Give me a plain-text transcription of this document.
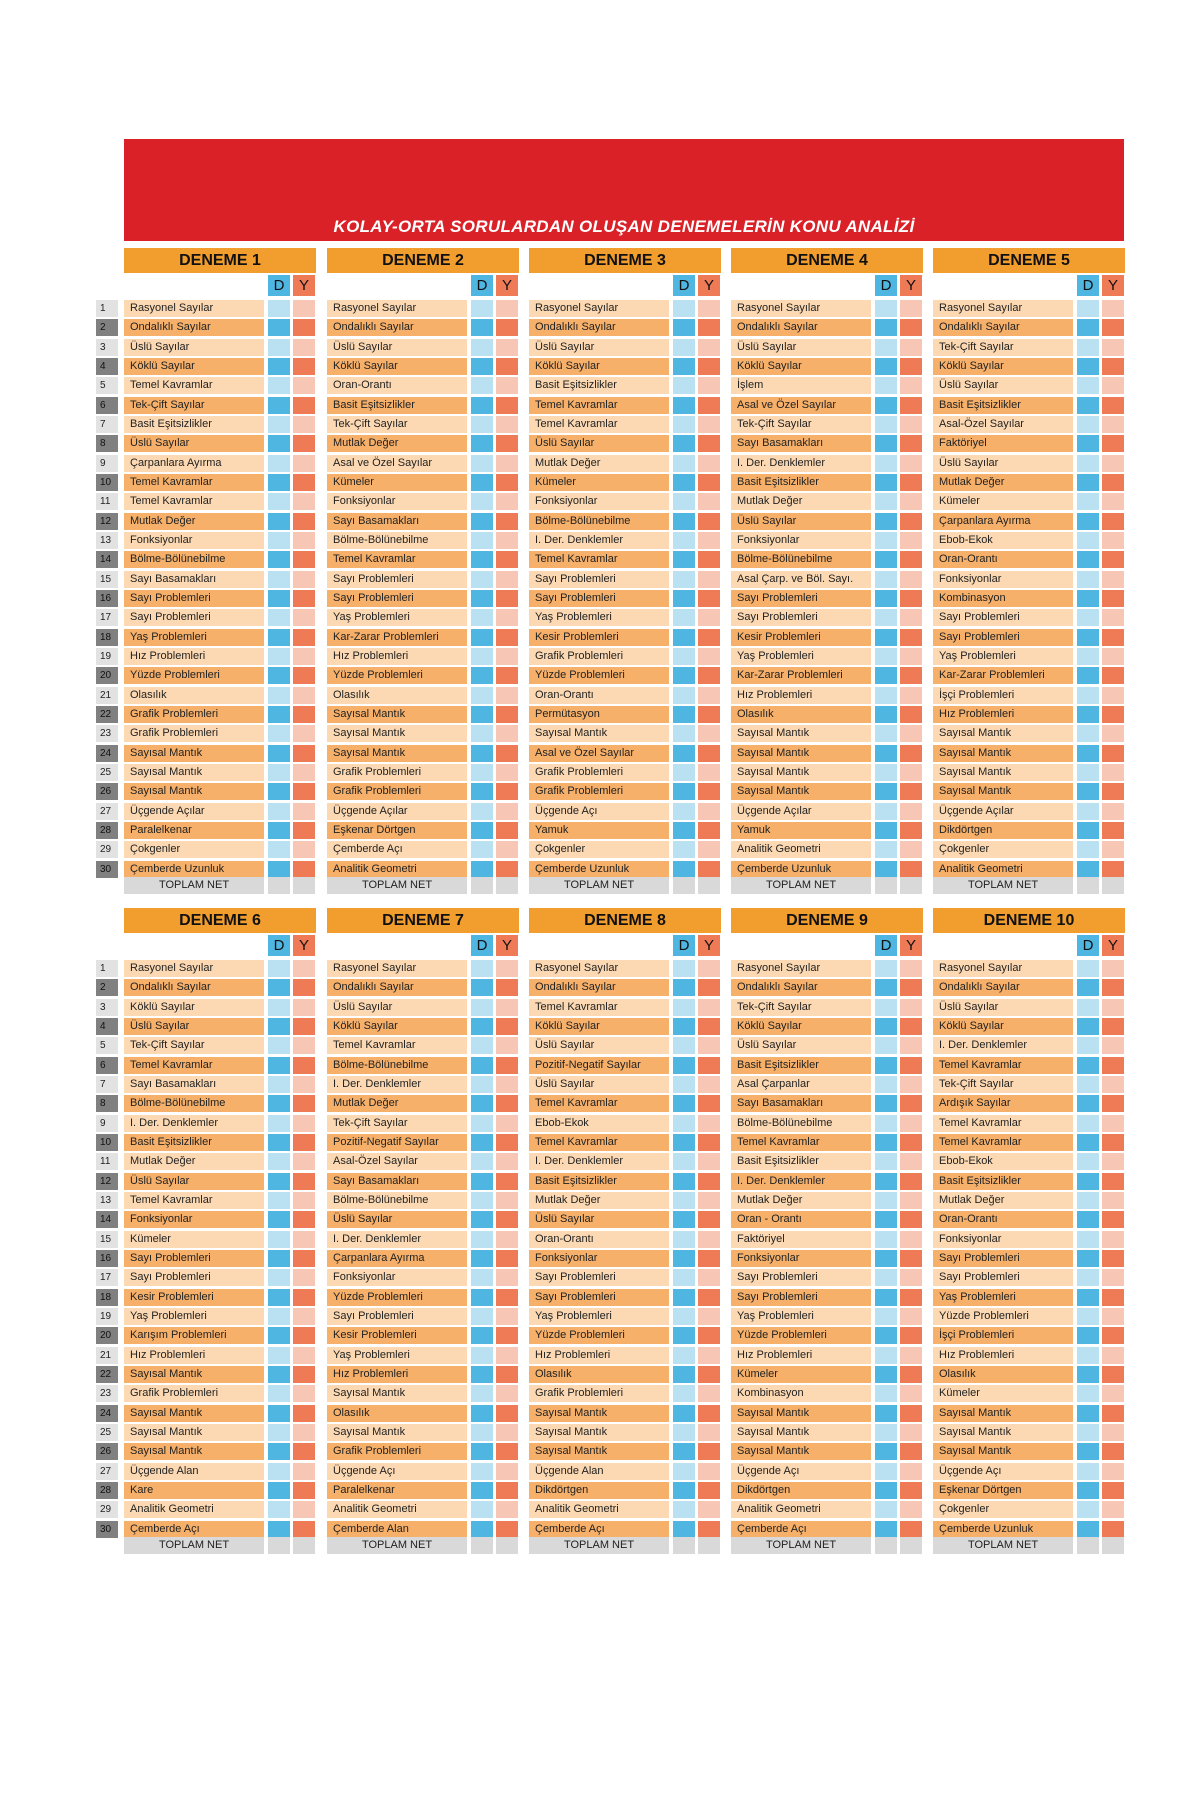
KOLAY-ORTA SORULARDAN OLUŞAN DENEMELERİN KONU ANALİZİ
1
2
3
4
5
6
7
8
9
10
11
12
13
14
15
16
17
18
19
20
21
22
23
24
25
26
27
28
29
30
DENEME 1
D Y
Rasyonel Sayılar
Ondalıklı Sayılar
Üslü Sayılar
Köklü Sayılar
Temel Kavramlar
Tek-Çift Sayılar
Basit Eşitsizlikler
Üslü Sayılar
Çarpanlara Ayırma
Temel Kavramlar
Temel Kavramlar
Mutlak Değer
Fonksiyonlar
Bölme-Bölünebilme
Sayı Basamakları
Sayı Problemleri
Sayı Problemleri
Yaş Problemleri
Hız Problemleri
Yüzde Problemleri
Olasılık
Grafik Problemleri
Grafik Problemleri
Sayısal Mantık
Sayısal Mantık
Sayısal Mantık
Üçgende Açılar
Paralelkenar
Çokgenler
Çemberde Uzunluk
TOPLAM NET
DENEME 2
D Y
Rasyonel Sayılar
Ondalıklı Sayılar
Üslü Sayılar
Köklü Sayılar
Oran-Orantı
Basit Eşitsizlikler
Tek-Çift Sayılar
Mutlak Değer
Asal ve Özel Sayılar
Kümeler
Fonksiyonlar
Sayı Basamakları
Bölme-Bölünebilme
Temel Kavramlar
Sayı Problemleri
Sayı Problemleri
Yaş Problemleri
Kar-Zarar Problemleri
Hız Problemleri
Yüzde Problemleri
Olasılık
Sayısal Mantık
Sayısal Mantık
Sayısal Mantık
Grafik Problemleri
Grafik Problemleri
Üçgende Açılar
Eşkenar Dörtgen
Çemberde Açı
Analitik Geometri
TOPLAM NET
DENEME 3
D Y
Rasyonel Sayılar
Ondalıklı Sayılar
Üslü Sayılar
Köklü Sayılar
Basit Eşitsizlikler
Temel Kavramlar
Temel Kavramlar
Üslü Sayılar
Mutlak Değer
Kümeler
Fonksiyonlar
Bölme-Bölünebilme
I. Der. Denklemler
Temel Kavramlar
Sayı Problemleri
Sayı Problemleri
Yaş Problemleri
Kesir Problemleri
Grafik Problemleri
Yüzde Problemleri
Oran-Orantı
Permütasyon
Sayısal Mantık
Asal ve Özel Sayılar
Grafik Problemleri
Grafik Problemleri
Üçgende Açı
Yamuk
Çokgenler
Çemberde Uzunluk
TOPLAM NET
DENEME 4
D Y
Rasyonel Sayılar
Ondalıklı Sayılar
Üslü Sayılar
Köklü Sayılar
İşlem
Asal ve Özel Sayılar
Tek-Çift Sayılar
Sayı Basamakları
I. Der. Denklemler
Basit Eşitsizlikler
Mutlak Değer
Üslü Sayılar
Fonksiyonlar
Bölme-Bölünebilme
Asal Çarp. ve Böl. Sayı.
Sayı Problemleri
Sayı Problemleri
Kesir Problemleri
Yaş Problemleri
Kar-Zarar Problemleri
Hız Problemleri
Olasılık
Sayısal Mantık
Sayısal Mantık
Sayısal Mantık
Sayısal Mantık
Üçgende Açılar
Yamuk
Analitik Geometri
Çemberde Uzunluk
TOPLAM NET
DENEME 5
D Y
Rasyonel Sayılar
Ondalıklı Sayılar
Tek-Çift Sayılar
Köklü Sayılar
Üslü Sayılar
Basit Eşitsizlikler
Asal-Özel Sayılar
Faktöriyel
Üslü Sayılar
Mutlak Değer
Kümeler
Çarpanlara Ayırma
Ebob-Ekok
Oran-Orantı
Fonksiyonlar
Kombinasyon
Sayı Problemleri
Sayı Problemleri
Yaş Problemleri
Kar-Zarar Problemleri
İşçi Problemleri
Hız Problemleri
Sayısal Mantık
Sayısal Mantık
Sayısal Mantık
Sayısal Mantık
Üçgende Açılar
Dikdörtgen
Çokgenler
Analitik Geometri
TOPLAM NET
1
2
3
4
5
6
7
8
9
10
11
12
13
14
15
16
17
18
19
20
21
22
23
24
25
26
27
28
29
30
DENEME 6
D Y
Rasyonel Sayılar
Ondalıklı Sayılar
Köklü Sayılar
Üslü Sayılar
Tek-Çift Sayılar
Temel Kavramlar
Sayı Basamakları
Bölme-Bölünebilme
I. Der. Denklemler
Basit Eşitsizlikler
Mutlak Değer
Üslü Sayılar
Temel Kavramlar
Fonksiyonlar
Kümeler
Sayı Problemleri
Sayı Problemleri
Kesir Problemleri
Yaş Problemleri
Karışım Problemleri
Hız Problemleri
Sayısal Mantık
Grafik Problemleri
Sayısal Mantık
Sayısal Mantık
Sayısal Mantık
Üçgende Alan
Kare
Analitik Geometri
Çemberde Açı
TOPLAM NET
DENEME 7
D Y
Rasyonel Sayılar
Ondalıklı Sayılar
Üslü Sayılar
Köklü Sayılar
Temel Kavramlar
Bölme-Bölünebilme
I. Der. Denklemler
Mutlak Değer
Tek-Çift Sayılar
Pozitif-Negatif Sayılar
Asal-Özel Sayılar
Sayı Basamakları
Bölme-Bölünebilme
Üslü Sayılar
I. Der. Denklemler
Çarpanlara Ayırma
Fonksiyonlar
Yüzde Problemleri
Sayı Problemleri
Kesir Problemleri
Yaş Problemleri
Hız Problemleri
Sayısal Mantık
Olasılık
Sayısal Mantık
Grafik Problemleri
Üçgende Açı
Paralelkenar
Analitik Geometri
Çemberde Alan
TOPLAM NET
DENEME 8
D Y
Rasyonel Sayılar
Ondalıklı Sayılar
Temel Kavramlar
Köklü Sayılar
Üslü Sayılar
Pozitif-Negatif Sayılar
Üslü Sayılar
Temel Kavramlar
Ebob-Ekok
Temel Kavramlar
I. Der. Denklemler
Basit Eşitsizlikler
Mutlak Değer
Üslü Sayılar
Oran-Orantı
Fonksiyonlar
Sayı Problemleri
Sayı Problemleri
Yaş Problemleri
Yüzde Problemleri
Hız Problemleri
Olasılık
Grafik Problemleri
Sayısal Mantık
Sayısal Mantık
Sayısal Mantık
Üçgende Alan
Dikdörtgen
Analitik Geometri
Çemberde Açı
TOPLAM NET
DENEME 9
D Y
Rasyonel Sayılar
Ondalıklı Sayılar
Tek-Çift Sayılar
Köklü Sayılar
Üslü Sayılar
Basit Eşitsizlikler
Asal Çarpanlar
Sayı Basamakları
Bölme-Bölünebilme
Temel Kavramlar
Basit Eşitsizlikler
I. Der. Denklemler
Mutlak Değer
Oran - Orantı
Faktöriyel
Fonksiyonlar
Sayı Problemleri
Sayı Problemleri
Yaş Problemleri
Yüzde Problemleri
Hız Problemleri
Kümeler
Kombinasyon
Sayısal Mantık
Sayısal Mantık
Sayısal Mantık
Üçgende Açı
Dikdörtgen
Analitik Geometri
Çemberde Açı
TOPLAM NET
DENEME 10
D Y
Rasyonel Sayılar
Ondalıklı Sayılar
Üslü Sayılar
Köklü Sayılar
I. Der. Denklemler
Temel Kavramlar
Tek-Çift Sayılar
Ardışık Sayılar
Temel Kavramlar
Temel Kavramlar
Ebob-Ekok
Basit Eşitsizlikler
Mutlak Değer
Oran-Orantı
Fonksiyonlar
Sayı Problemleri
Sayı Problemleri
Yaş Problemleri
Yüzde Problemleri
İşçi Problemleri
Hız Problemleri
Olasılık
Kümeler
Sayısal Mantık
Sayısal Mantık
Sayısal Mantık
Üçgende Açı
Eşkenar Dörtgen
Çokgenler
Çemberde Uzunluk
TOPLAM NET
